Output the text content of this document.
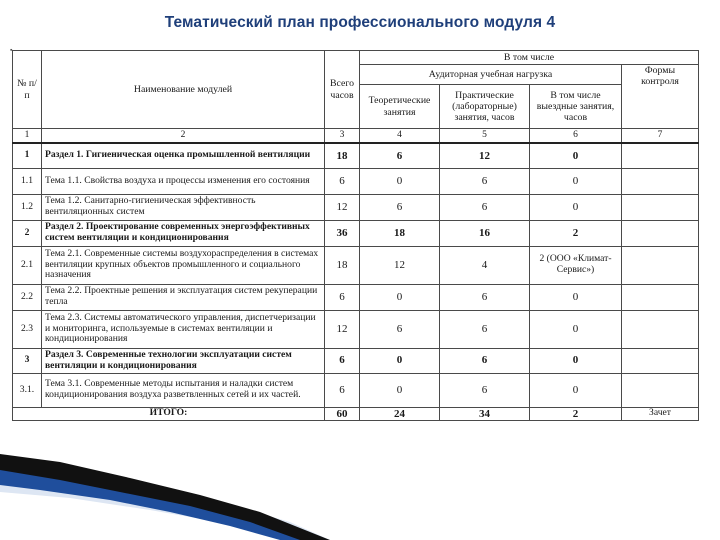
Тематический план профессионального модуля 4
▪
№ п/п	Наименование модулей	Всего часов	В том числе			
			Аудиторная учебная нагрузка			Формы контроля
			Теоретические занятия	Практические (лабораторные) занятия, часов	В том числе выездные занятия, часов	
1	2	3	4	5	6	7
1	Раздел 1. Гигиеническая оценка промышленной вентиляции	18	6	12	0	
1.1	Тема 1.1. Свойства воздуха и процессы изменения его состояния	6	0	6	0	
1.2	Тема 1.2. Санитарно-гигиеническая эффективность вентиляционных систем	12	6	6	0	
2	Раздел 2. Проектирование современных энергоэффективных систем вентиляции и кондиционирования	36	18	16	2	
2.1	Тема 2.1. Современные системы воздухораспределения в системах вентиляции крупных объектов промышленного и социального назначения	18	12	4	2 (ООО «Климат-Сервис»)	
2.2	Тема 2.2. Проектные решения и эксплуатация систем рекуперации тепла	6	0	6	0	
2.3	Тема 2.3. Системы автоматического управления, диспетчеризации и мониторинга, используемые в системах вентиляции и кондиционирования	12	6	6	0	
3	Раздел 3. Современные технологии эксплуатации систем вентиляции и кондиционирования	6	0	6	0	
3.1.	Тема 3.1. Современные методы испытания и наладки систем кондиционирования воздуха разветвленных сетей и их частей.	6	0	6	0	
ИТОГО:		60	24	34	2	Зачет
